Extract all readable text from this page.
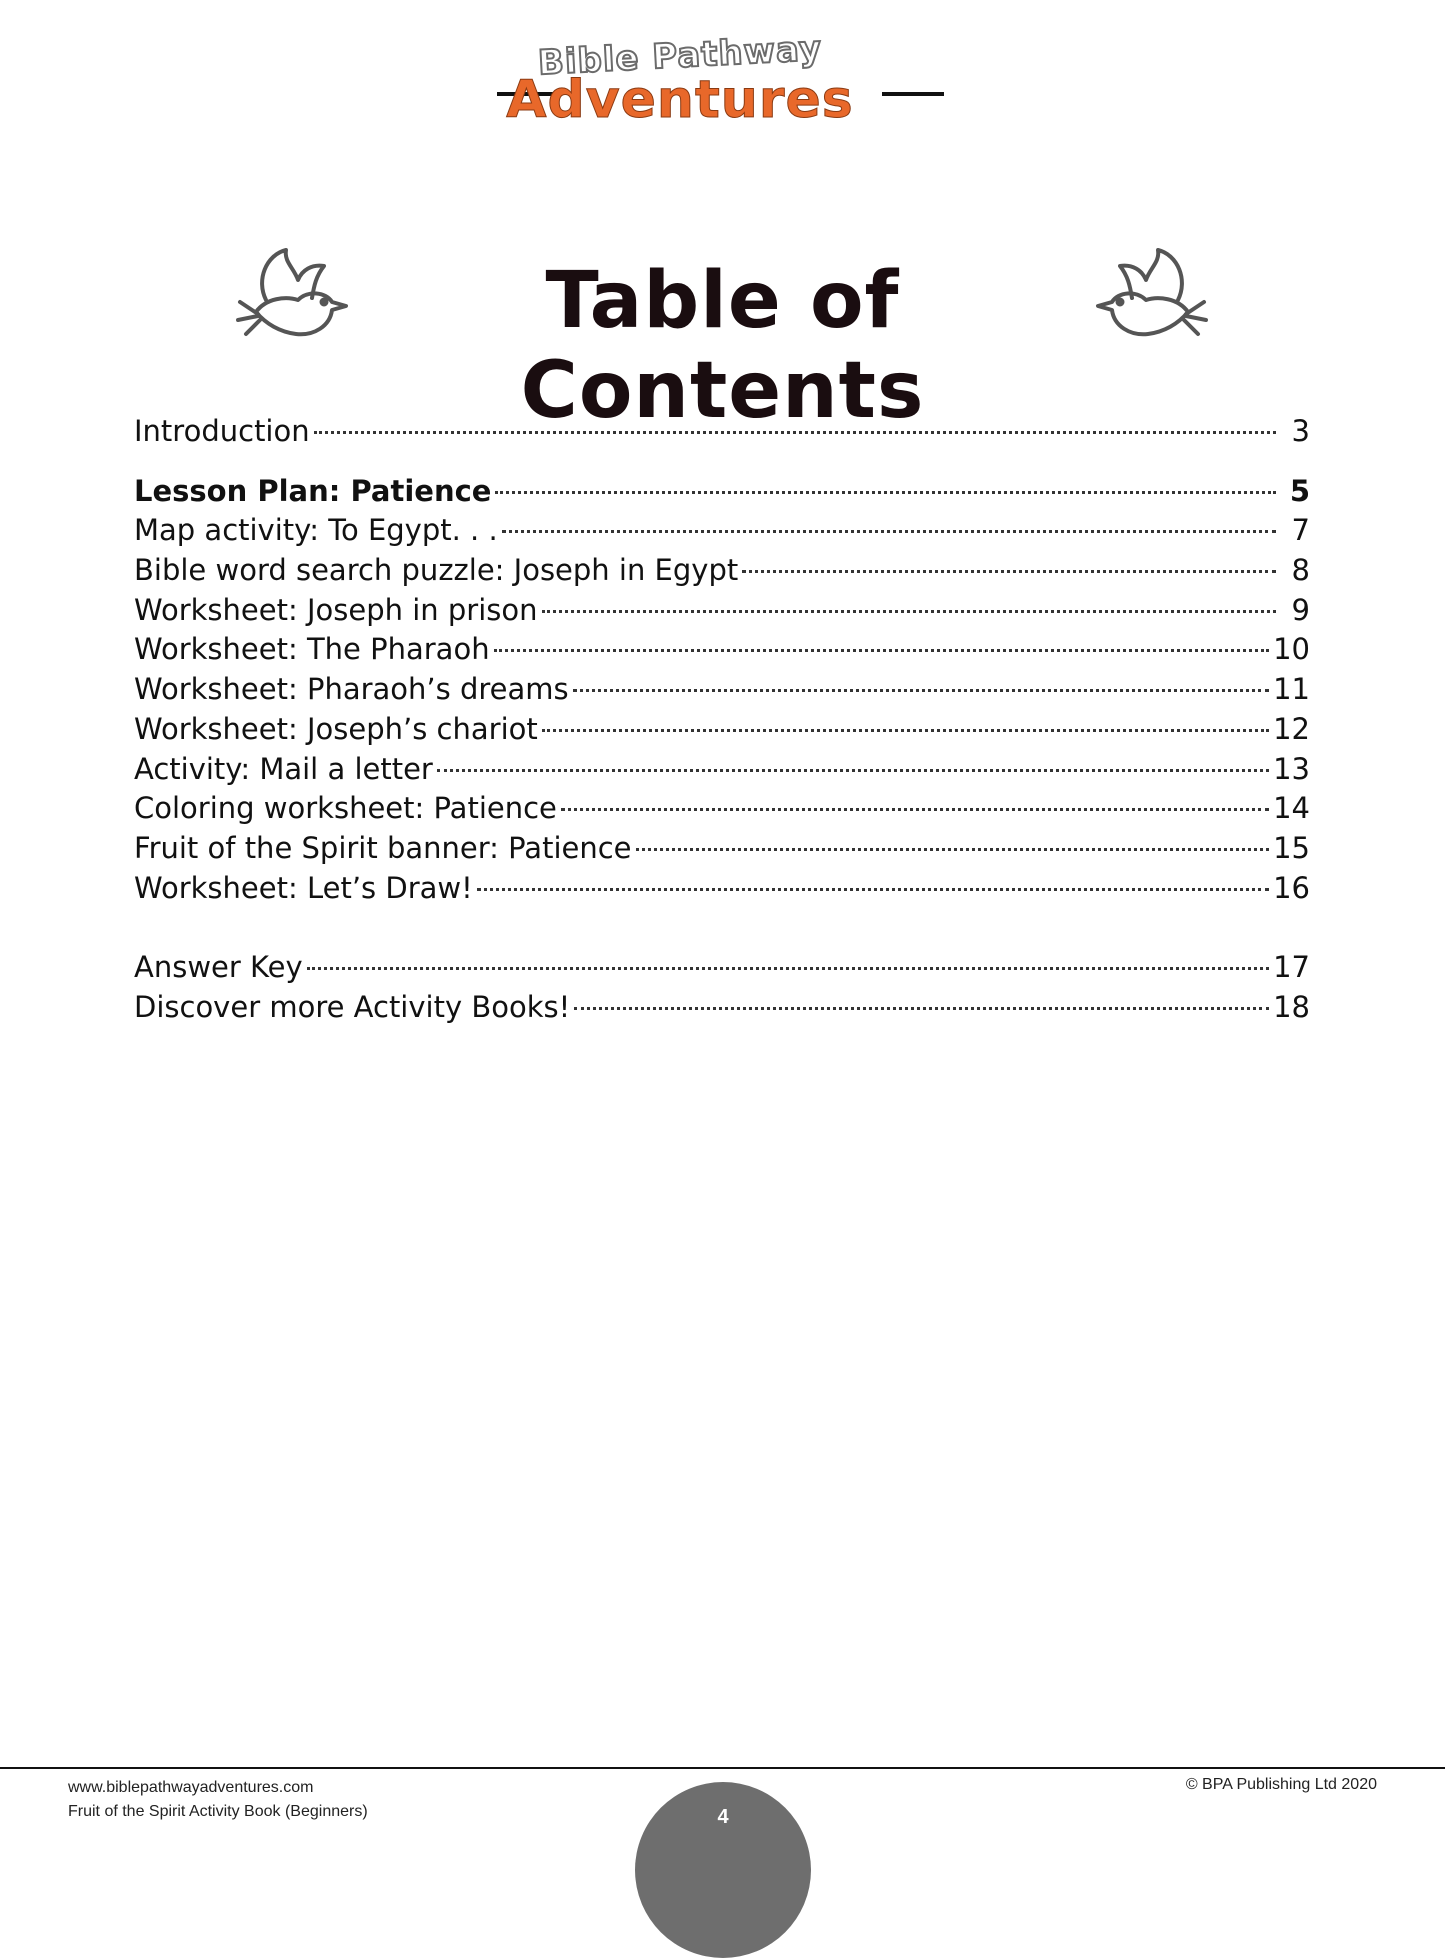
Bible Pathway
Adventures
Table of Contents
Introduction	3
Lesson Plan: Patience	5
Map activity: To Egypt. . .	7
Bible word search puzzle: Joseph in Egypt	8
Worksheet: Joseph in prison	9
Worksheet: The Pharaoh	10
Worksheet: Pharaoh’s dreams	11
Worksheet: Joseph’s chariot	12
Activity: Mail a letter	13
Coloring worksheet: Patience	14
Fruit of the Spirit banner: Patience	15
Worksheet: Let’s Draw!	16
Answer Key	17
Discover more Activity Books!	18
www.biblepathwayadventures.com
Fruit of the Spirit Activity Book (Beginners)
© BPA Publishing Ltd 2020
4
